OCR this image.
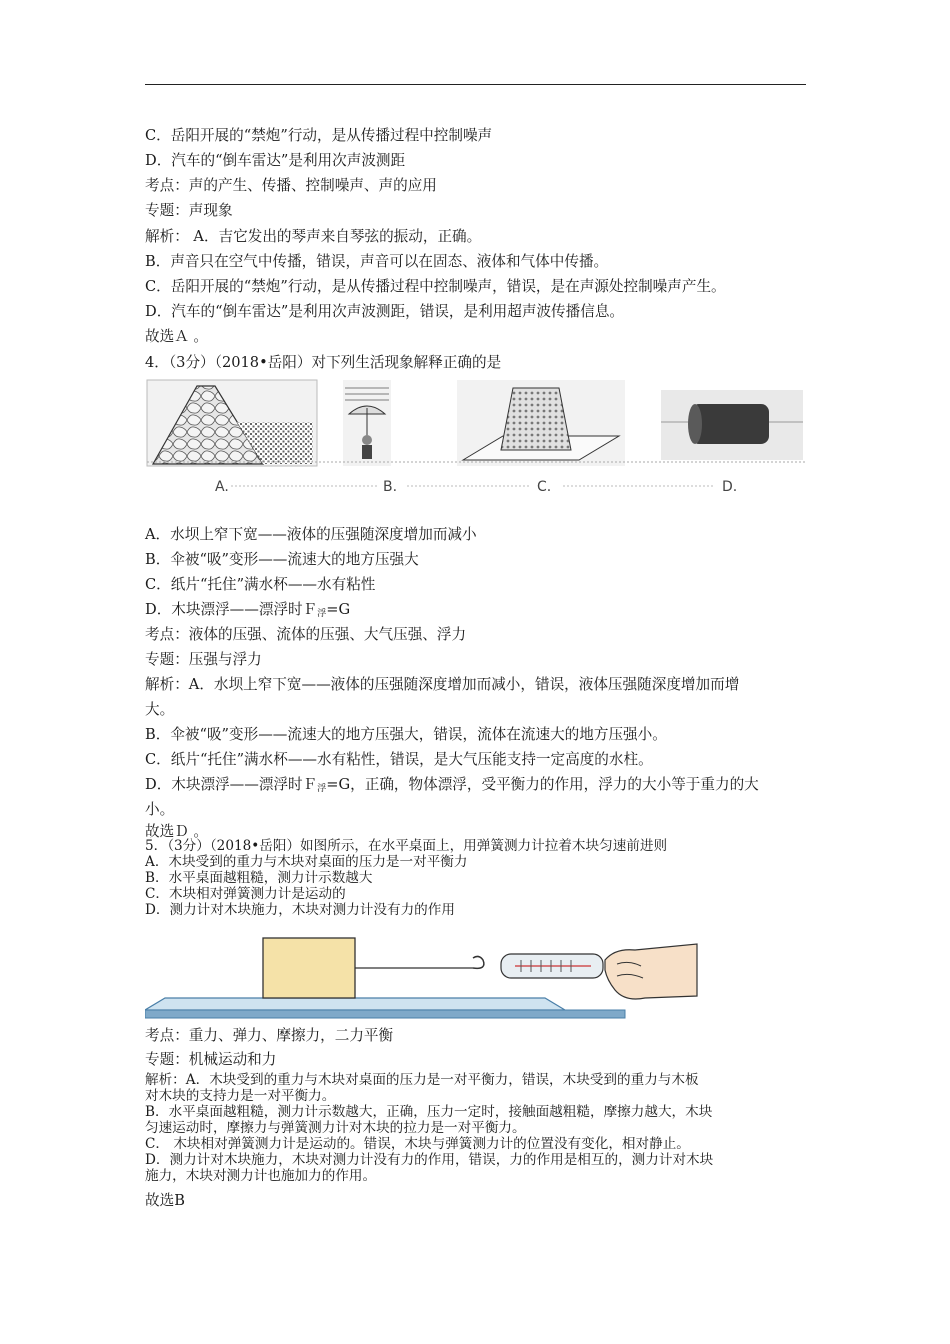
C．岳阳开展的“禁炮”行动，是从传播过程中控制噪声
D．汽车的“倒车雷达”是利用次声波测距
考点：声的产生、传播、控制噪声、声的应用
专题：声现象
解析： A．吉它发出的琴声来自琴弦的振动，正确。
B．声音只在空气中传播，错误，声音可以在固态、液体和气体中传播。
C．岳阳开展的“禁炮”行动，是从传播过程中控制噪声，错误，是在声源处控制噪声产生。
D．汽车的“倒车雷达”是利用次声波测距，错误，是利用超声波传播信息。
故选Ａ 。
4．（3分）（2018•岳阳）对下列生活现象解释正确的是
A.	B.	C.	D.
A．水坝上窄下宽——液体的压强随深度增加而减小
B．伞被“吸”变形——流速大的地方压强大
C．纸片“托住”满水杯——水有粘性
D．木块漂浮——漂浮时Ｆ$_浮$=G
考点：液体的压强、流体的压强、大气压强、浮力
专题：压强与浮力
解析：A．水坝上窄下宽——液体的压强随深度增加而减小，错误，液体压强随深度增加而增
大。
B．伞被“吸”变形——流速大的地方压强大，错误，流体在流速大的地方压强小。
C．纸片“托住”满水杯——水有粘性，错误，是大气压能支持一定高度的水柱。
D．木块漂浮——漂浮时Ｆ$_浮$=G，正确，物体漂浮，受平衡力的作用，浮力的大小等于重力的大
小。
故选Ｄ 。
5．（3分）（2018•岳阳）如图所示，在水平桌面上，用弹簧测力计拉着木块匀速前进则
A．木块受到的重力与木块对桌面的压力是一对平衡力
B．水平桌面越粗糙，测力计示数越大
C．木块相对弹簧测力计是运动的
D．测力计对木块施力，木块对测力计没有力的作用
考点：重力、弹力、摩擦力，二力平衡
专题：机械运动和力
解析：A．木块受到的重力与木块对桌面的压力是一对平衡力，错误，木块受到的重力与木板
对木块的支持力是一对平衡力。
B．水平桌面越粗糙，测力计示数越大，正确，压力一定时，接触面越粗糙，摩擦力越大，木块
匀速运动时，摩擦力与弹簧测力计对木块的拉力是一对平衡力。
C． 木块相对弹簧测力计是运动的。错误，木块与弹簧测力计的位置没有变化，相对静止。
D．测力计对木块施力，木块对测力计没有力的作用，错误，力的作用是相互的，测力计对木块
施力，木块对测力计也施加力的作用。
故选B
